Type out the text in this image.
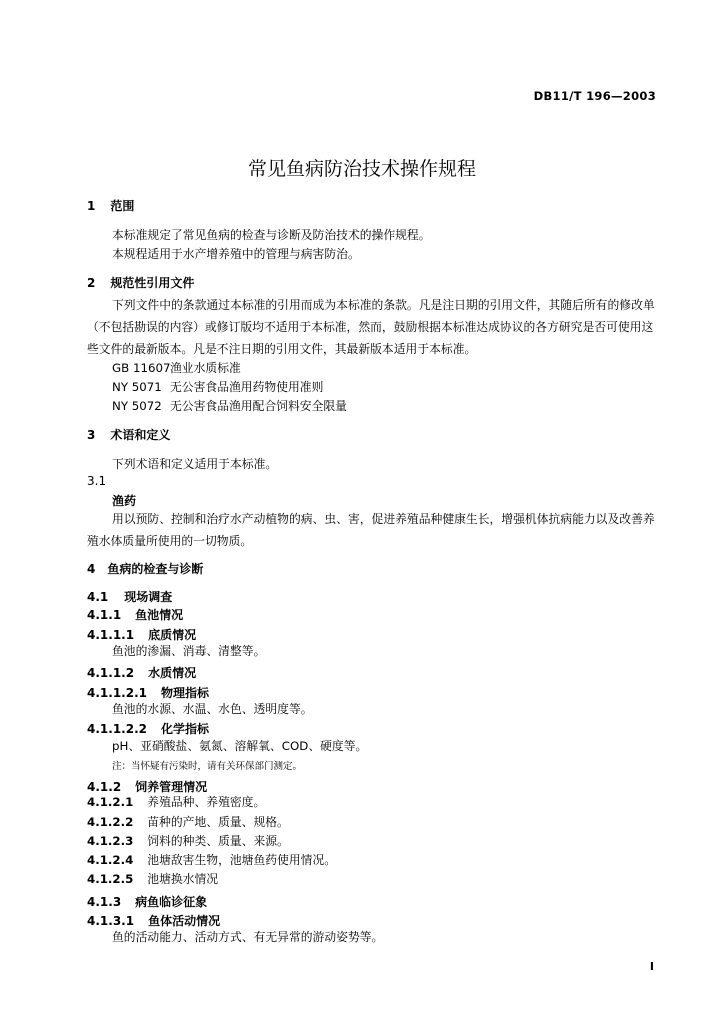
DB11/T 196—2003
常见鱼病防治技术操作规程
1 范围
本标准规定了常见鱼病的检查与诊断及防治技术的操作规程。
本规程适用于水产增养殖中的管理与病害防治。
2 规范性引用文件
下列文件中的条款通过本标准的引用而成为本标准的条款。凡是注日期的引用文件，其随后所有的修改单（不包括勘误的内容）或修订版均不适用于本标准，然而，鼓励根据本标准达成协议的各方研究是否可使用这些文件的最新版本。凡是不注日期的引用文件，其最新版本适用于本标准。
GB 11607渔业水质标准
NY 5071 无公害食品渔用药物使用准则
NY 5072 无公害食品渔用配合饲料安全限量
3 术语和定义
下列术语和定义适用于本标准。
3.1
渔药
用以预防、控制和治疗水产动植物的病、虫、害，促进养殖品种健康生长，增强机体抗病能力以及改善养殖水体质量所使用的一切物质。
4 鱼病的检查与诊断
4.1 现场调查
4.1.1 鱼池情况
4.1.1.1 底质情况
鱼池的渗漏、消毒、清整等。
4.1.1.2 水质情况
4.1.1.2.1 物理指标
鱼池的水源、水温、水色、透明度等。
4.1.1.2.2 化学指标
pH、亚硝酸盐、氨氮、溶解氧、COD、硬度等。
注：当怀疑有污染时，请有关环保部门测定。
4.1.2 饲养管理情况
4.1.2.1 养殖品种、养殖密度。
4.1.2.2 苗种的产地、质量、规格。
4.1.2.3 饲料的种类、质量、来源。
4.1.2.4 池塘敌害生物，池塘鱼药使用情况。
4.1.2.5 池塘换水情况
4.1.3 病鱼临诊征象
4.1.3.1 鱼体活动情况
鱼的活动能力、活动方式、有无异常的游动姿势等。
I
